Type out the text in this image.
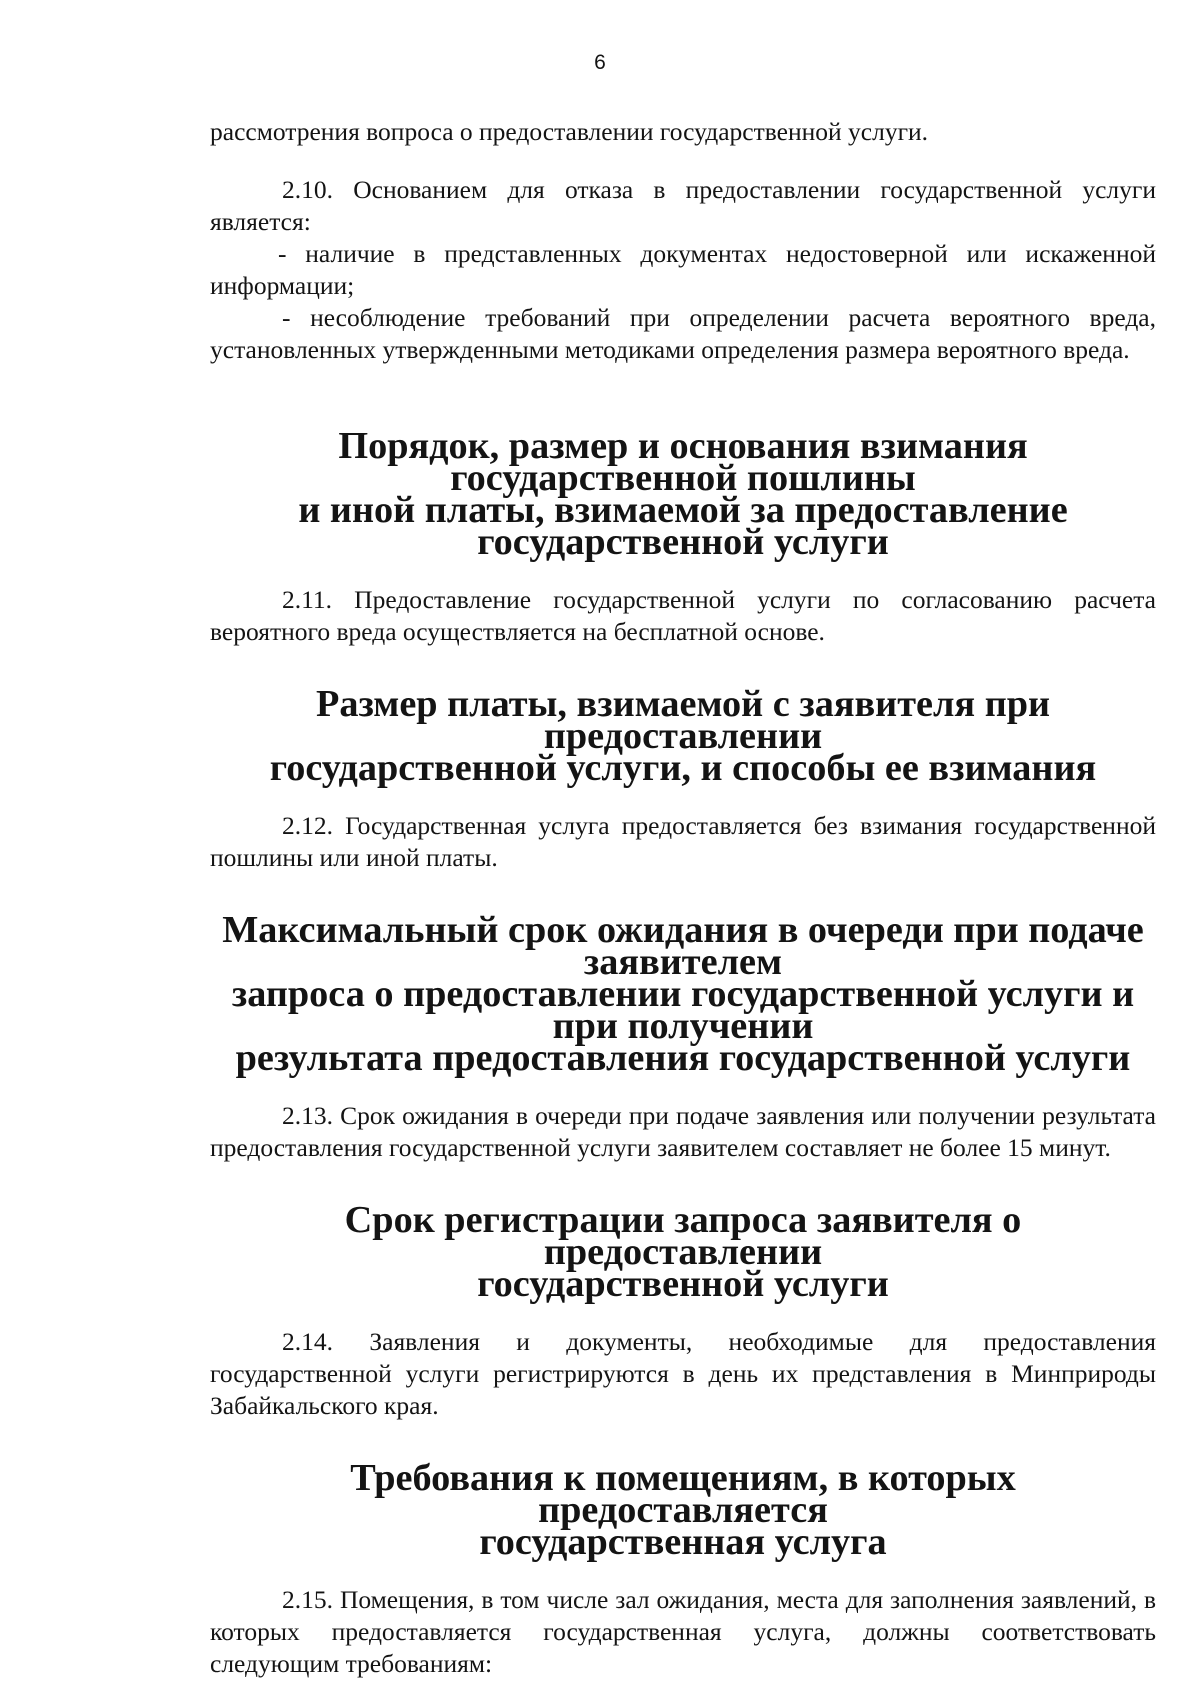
6

рассмотрения вопроса о предоставлении государственной услуги.

2.10. Основанием для отказа в предоставлении государственной услуги является:

- наличие в представленных документах недостоверной или искаженной информации;

- несоблюдение требований при определении расчета вероятного вреда, установленных утвержденными методиками определения размера вероятного вреда.

Порядок, размер и основания взимания государственной пошлины
и иной платы, взимаемой за предоставление государственной услуги

2.11. Предоставление государственной услуги по согласованию расчета вероятного вреда осуществляется на бесплатной основе.

Размер платы, взимаемой с заявителя при предоставлении
государственной услуги, и способы ее взимания

2.12. Государственная услуга предоставляется без взимания государственной пошлины или иной платы.

Максимальный срок ожидания в очереди при подаче заявителем
запроса о предоставлении государственной услуги и при получении
результата предоставления государственной услуги

2.13. Срок ожидания в очереди при подаче заявления или получении результата предоставления государственной услуги заявителем составляет не более 15 минут.

Срок регистрации запроса заявителя о предоставлении
государственной услуги

2.14. Заявления и документы, необходимые для предоставления государственной услуги регистрируются в день их представления в Минприроды Забайкальского края.

Требования к помещениям, в которых предоставляется
государственная услуга

2.15. Помещения, в том числе зал ожидания, места для заполнения заявлений, в которых предоставляется государственная услуга, должны соответствовать следующим требованиям:
